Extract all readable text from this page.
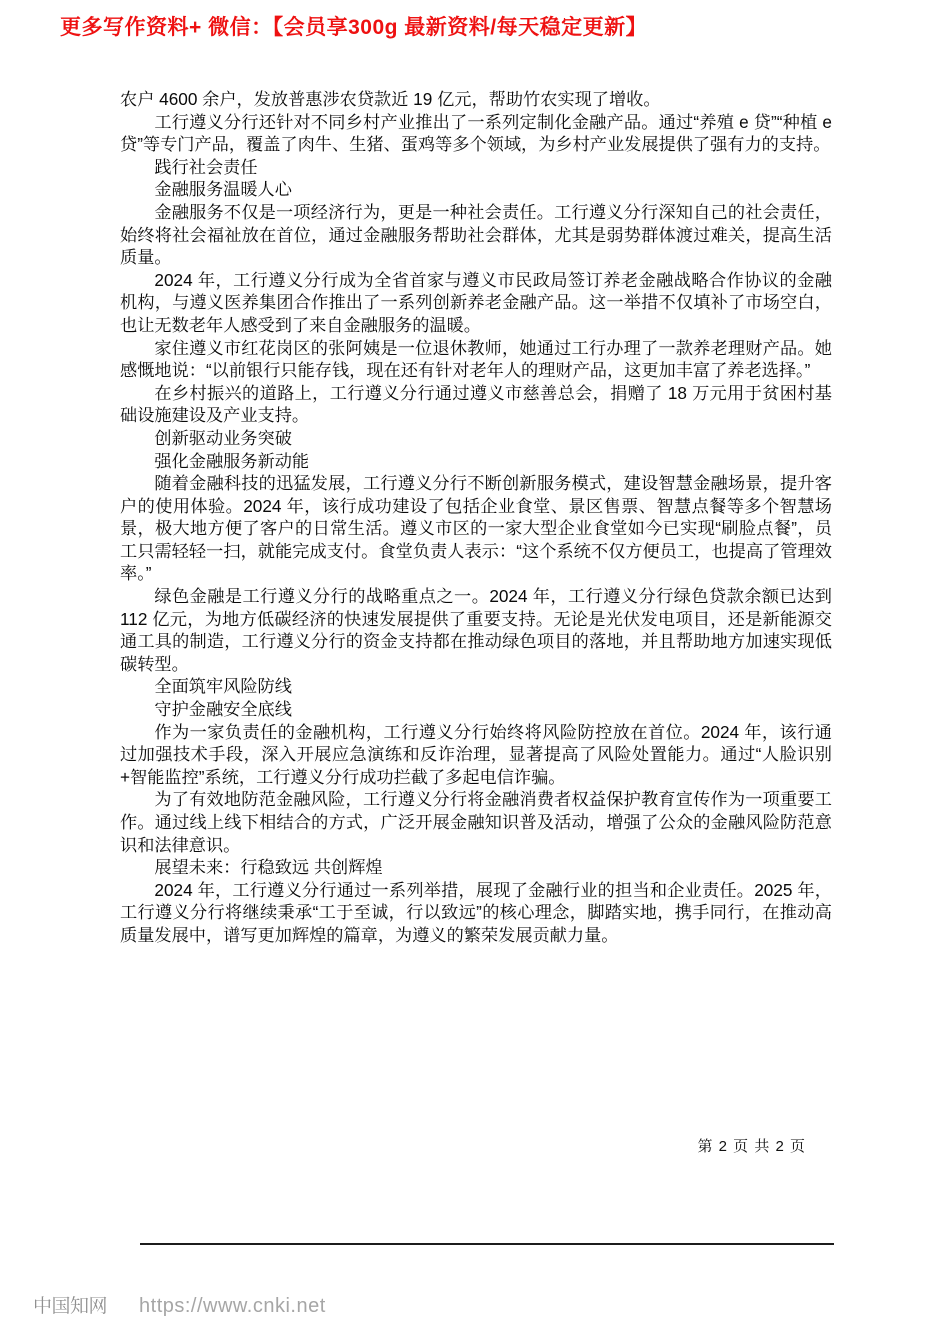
更多写作资料+ 微信：【会员享300g 最新资料/每天稳定更新】

农户 4600 余户，发放普惠涉农贷款近 19 亿元，帮助竹农实现了增收。

工行遵义分行还针对不同乡村产业推出了一系列定制化金融产品。通过“养殖 e 贷”“种植 e 贷”等专门产品，覆盖了肉牛、生猪、蛋鸡等多个领域，为乡村产业发展提供了强有力的支持。

践行社会责任

金融服务温暖人心

金融服务不仅是一项经济行为，更是一种社会责任。工行遵义分行深知自己的社会责任，始终将社会福祉放在首位，通过金融服务帮助社会群体，尤其是弱势群体渡过难关，提高生活质量。

2024 年，工行遵义分行成为全省首家与遵义市民政局签订养老金融战略合作协议的金融机构，与遵义医养集团合作推出了一系列创新养老金融产品。这一举措不仅填补了市场空白，也让无数老年人感受到了来自金融服务的温暖。

家住遵义市红花岗区的张阿姨是一位退休教师，她通过工行办理了一款养老理财产品。她感慨地说：“以前银行只能存钱，现在还有针对老年人的理财产品，这更加丰富了养老选择。”

在乡村振兴的道路上，工行遵义分行通过遵义市慈善总会，捐赠了 18 万元用于贫困村基础设施建设及产业支持。

创新驱动业务突破

强化金融服务新动能

随着金融科技的迅猛发展，工行遵义分行不断创新服务模式，建设智慧金融场景，提升客户的使用体验。2024 年，该行成功建设了包括企业食堂、景区售票、智慧点餐等多个智慧场景，极大地方便了客户的日常生活。遵义市区的一家大型企业食堂如今已实现“刷脸点餐”，员工只需轻轻一扫，就能完成支付。食堂负责人表示：“这个系统不仅方便员工，也提高了管理效率。”

绿色金融是工行遵义分行的战略重点之一。2024 年，工行遵义分行绿色贷款余额已达到 112 亿元，为地方低碳经济的快速发展提供了重要支持。无论是光伏发电项目，还是新能源交通工具的制造，工行遵义分行的资金支持都在推动绿色项目的落地，并且帮助地方加速实现低碳转型。

全面筑牢风险防线

守护金融安全底线

作为一家负责任的金融机构，工行遵义分行始终将风险防控放在首位。2024 年，该行通过加强技术手段，深入开展应急演练和反诈治理，显著提高了风险处置能力。通过“人脸识别+智能监控”系统，工行遵义分行成功拦截了多起电信诈骗。

为了有效地防范金融风险，工行遵义分行将金融消费者权益保护教育宣传作为一项重要工作。通过线上线下相结合的方式，广泛开展金融知识普及活动，增强了公众的金融风险防范意识和法律意识。

展望未来：行稳致远 共创辉煌

2024 年，工行遵义分行通过一系列举措，展现了金融行业的担当和企业责任。2025 年，工行遵义分行将继续秉承“工于至诚，行以致远”的核心理念，脚踏实地，携手同行，在推动高质量发展中，谱写更加辉煌的篇章，为遵义的繁荣发展贡献力量。

第 2 页 共 2 页
中国知网 https://www.cnki.net
